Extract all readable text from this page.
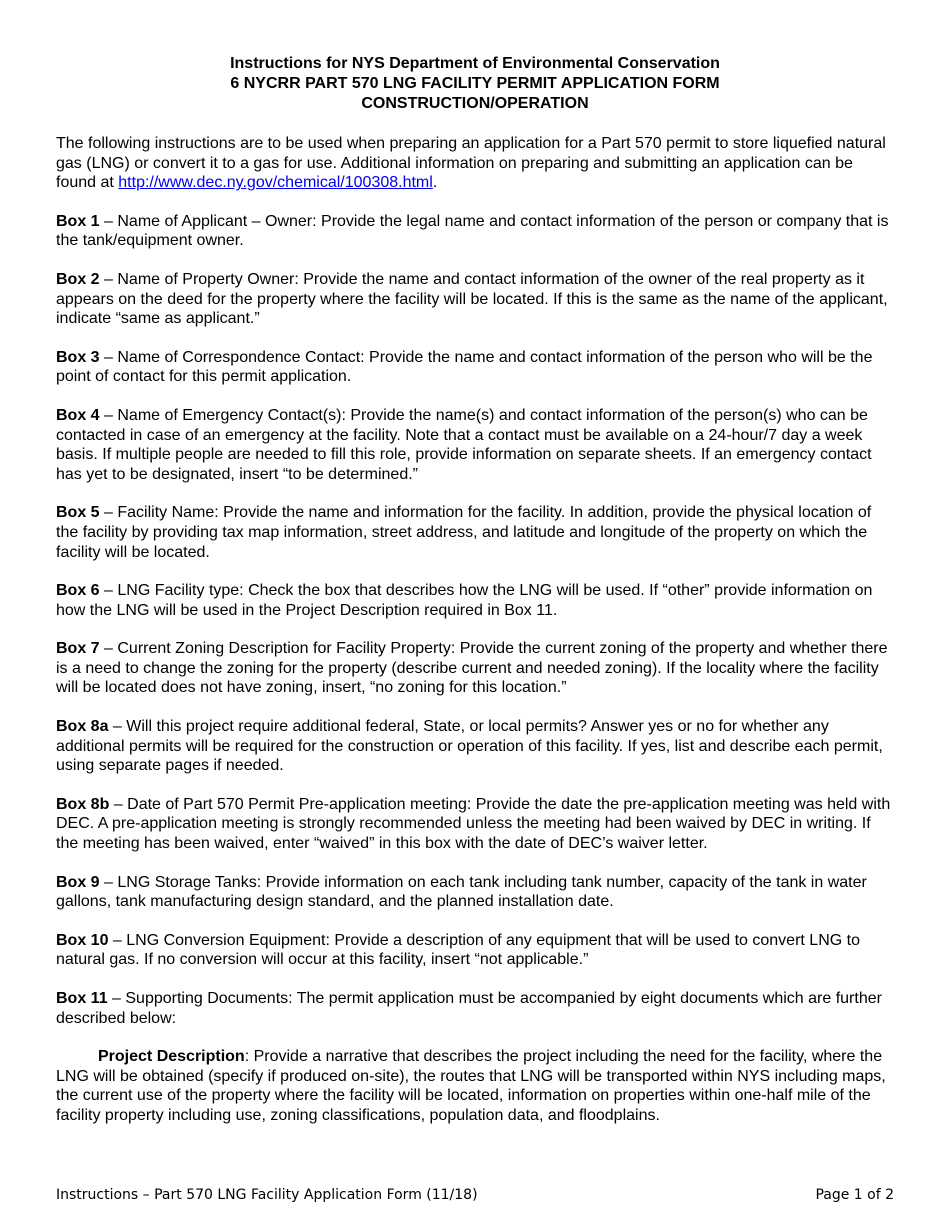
Instructions for NYS Department of Environmental Conservation
6 NYCRR PART 570 LNG FACILITY PERMIT APPLICATION FORM
CONSTRUCTION/OPERATION

The following instructions are to be used when preparing an application for a Part 570 permit to store liquefied natural gas (LNG) or convert it to a gas for use. Additional information on preparing and submitting an application can be found at http://www.dec.ny.gov/chemical/100308.html.

Box 1 – Name of Applicant – Owner: Provide the legal name and contact information of the person or company that is the tank/equipment owner.

Box 2 – Name of Property Owner: Provide the name and contact information of the owner of the real property as it appears on the deed for the property where the facility will be located. If this is the same as the name of the applicant, indicate “same as applicant.”

Box 3 – Name of Correspondence Contact: Provide the name and contact information of the person who will be the point of contact for this permit application.

Box 4 – Name of Emergency Contact(s): Provide the name(s) and contact information of the person(s) who can be contacted in case of an emergency at the facility. Note that a contact must be available on a 24-hour/7 day a week basis. If multiple people are needed to fill this role, provide information on separate sheets. If an emergency contact has yet to be designated, insert “to be determined.”

Box 5 – Facility Name: Provide the name and information for the facility. In addition, provide the physical location of the facility by providing tax map information, street address, and latitude and longitude of the property on which the facility will be located.

Box 6 – LNG Facility type: Check the box that describes how the LNG will be used. If “other” provide information on how the LNG will be used in the Project Description required in Box 11.

Box 7 – Current Zoning Description for Facility Property: Provide the current zoning of the property and whether there is a need to change the zoning for the property (describe current and needed zoning). If the locality where the facility will be located does not have zoning, insert, “no zoning for this location.”

Box 8a – Will this project require additional federal, State, or local permits? Answer yes or no for whether any additional permits will be required for the construction or operation of this facility. If yes, list and describe each permit, using separate pages if needed.

Box 8b – Date of Part 570 Permit Pre-application meeting: Provide the date the pre-application meeting was held with DEC. A pre-application meeting is strongly recommended unless the meeting had been waived by DEC in writing. If the meeting has been waived, enter “waived” in this box with the date of DEC’s waiver letter.

Box 9 – LNG Storage Tanks: Provide information on each tank including tank number, capacity of the tank in water gallons, tank manufacturing design standard, and the planned installation date.

Box 10 – LNG Conversion Equipment: Provide a description of any equipment that will be used to convert LNG to natural gas. If no conversion will occur at this facility, insert “not applicable.”

Box 11 – Supporting Documents: The permit application must be accompanied by eight documents which are further described below:

Project Description: Provide a narrative that describes the project including the need for the facility, where the LNG will be obtained (specify if produced on-site), the routes that LNG will be transported within NYS including maps, the current use of the property where the facility will be located, information on properties within one-half mile of the facility property including use, zoning classifications, population data, and floodplains.

Instructions – Part 570 LNG Facility Application Form (11/18)	Page 1 of 2
